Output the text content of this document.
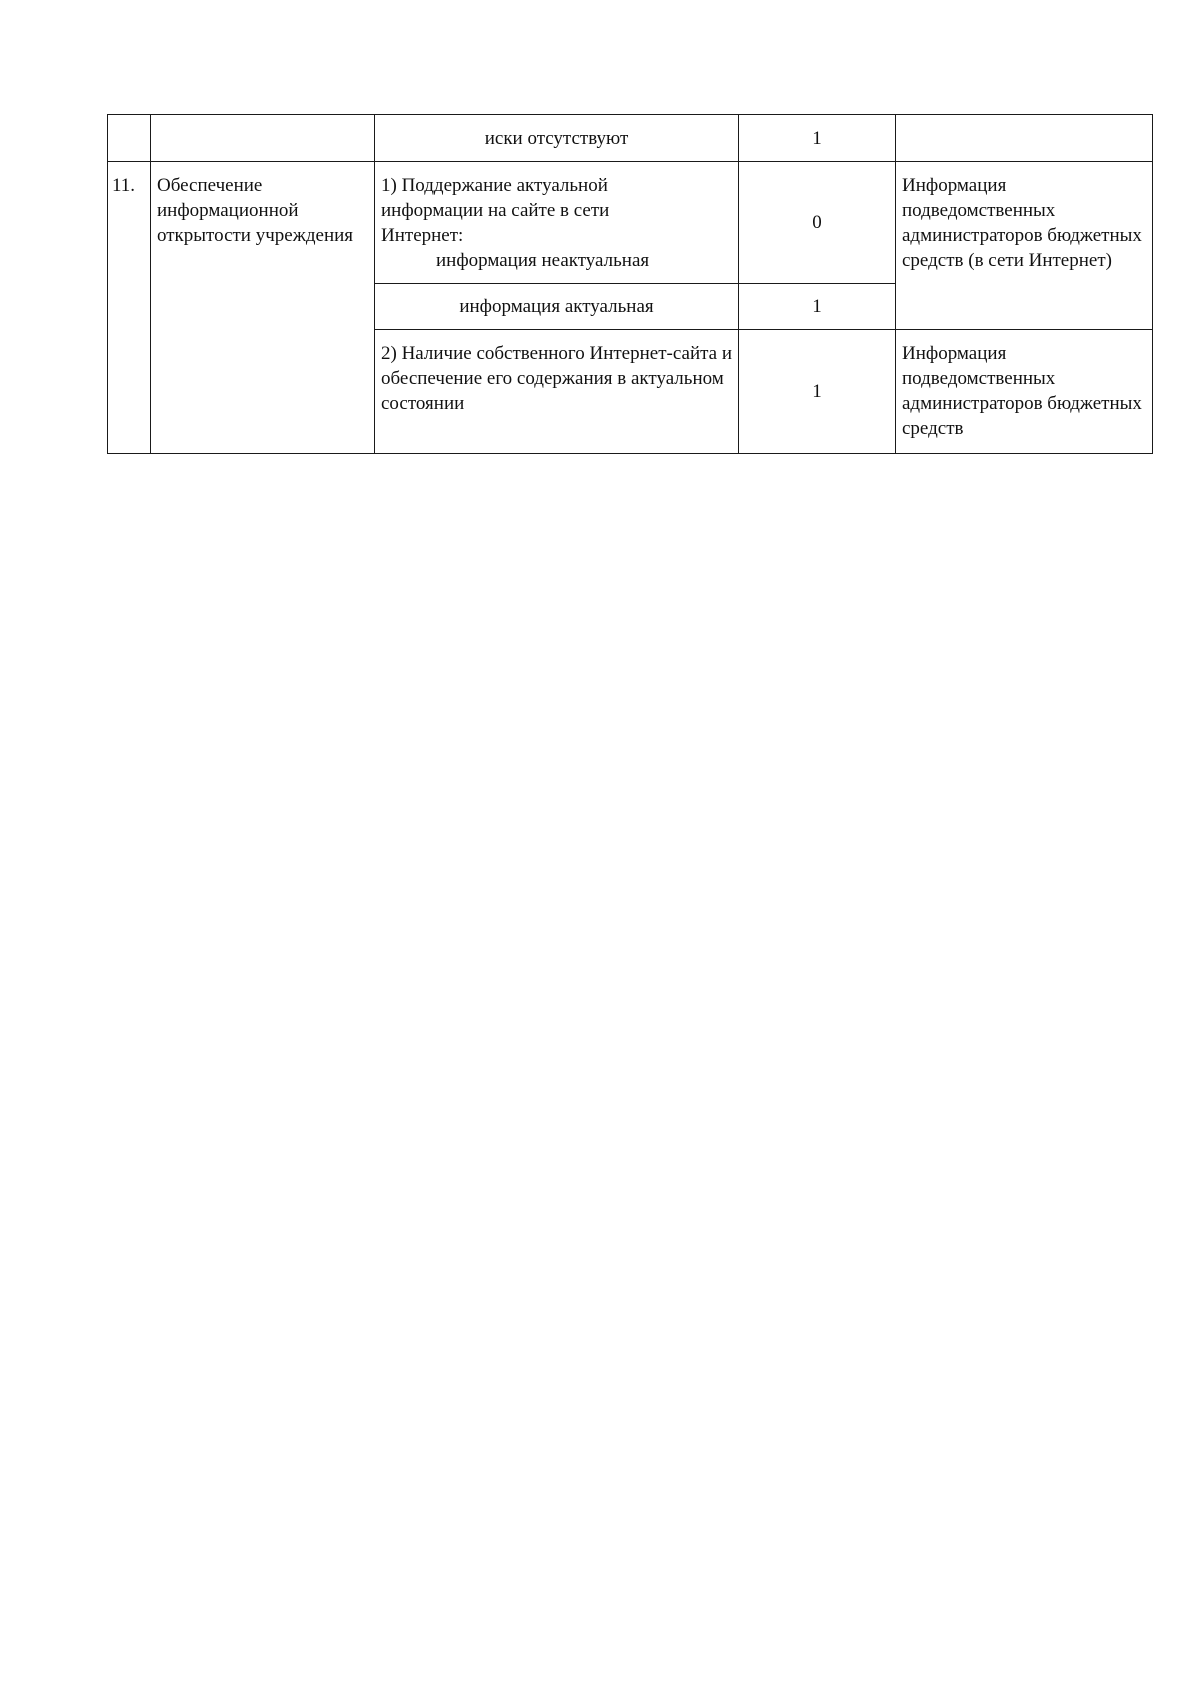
		иски отсутствуют	1	
11.	Обеспечение информационной открытости учреждения	1) Поддержание актуальной
информации на сайте в сети
Интернет:
информация неактуальная	0	Информация подведомственных администраторов бюджетных средств (в сети Интернет)
		информация актуальная	1	
		2) Наличие собственного Интернет-сайта и обеспечение его содержания в актуальном состоянии	1	Информация подведомственных администраторов бюджетных средств
